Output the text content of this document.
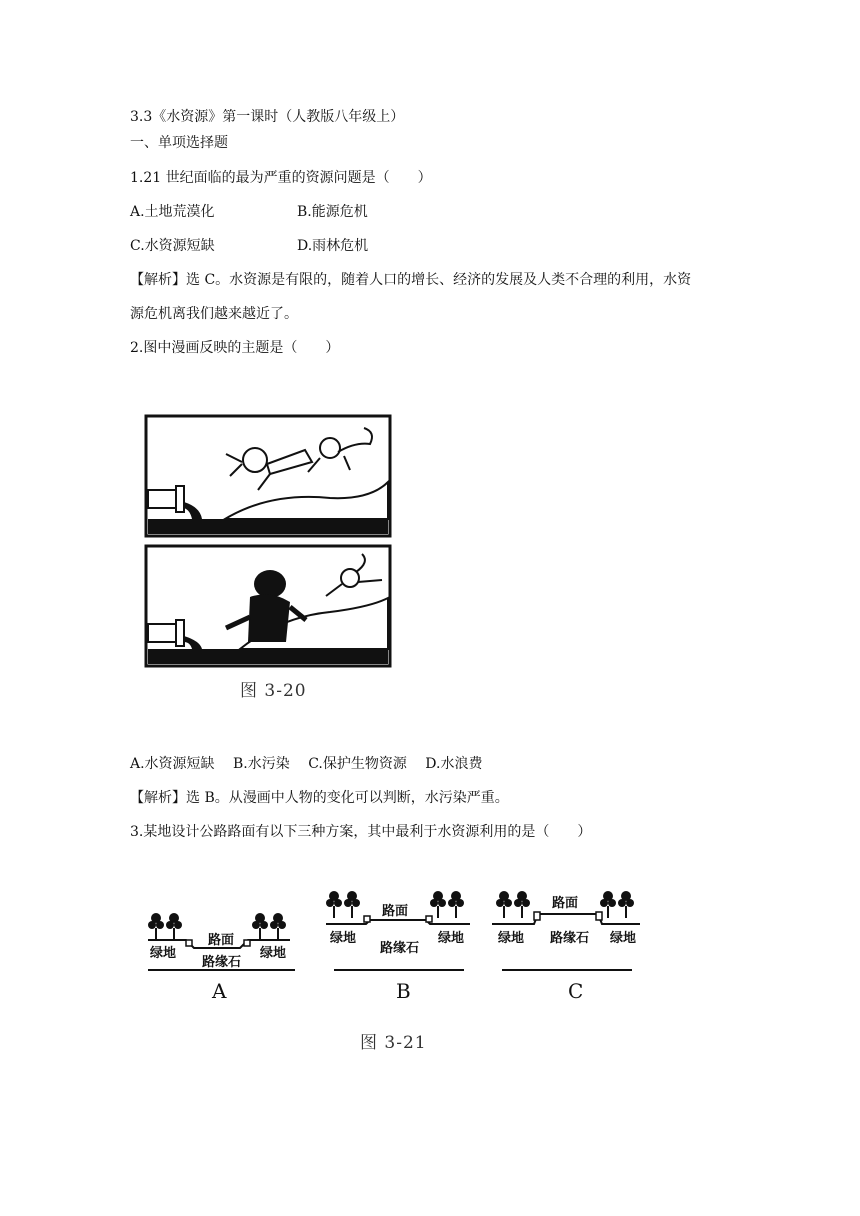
3.3《水资源》第一课时（人教版八年级上）
一、单项选择题
1.21 世纪面临的最为严重的资源问题是（　　）
A.土地荒漠化	B.能源危机
C.水资源短缺	D.雨林危机
【解析】选 C。水资源是有限的，随着人口的增长、经济的发展及人类不合理的利用，水资
源危机离我们越来越近了。
2.图中漫画反映的主题是（　　）
图 3-20
A.水资源短缺　 B.水污染　 C.保护生物资源　 D.水浪费
【解析】选 B。从漫画中人物的变化可以判断，水污染严重。
3.某地设计公路路面有以下三种方案，其中最利于水资源利用的是（　　）
绿地	绿地
路面
路缘石
A
绿地	绿地
路面
路缘石
B
绿地	绿地
路面
路缘石
C
图 3-21
